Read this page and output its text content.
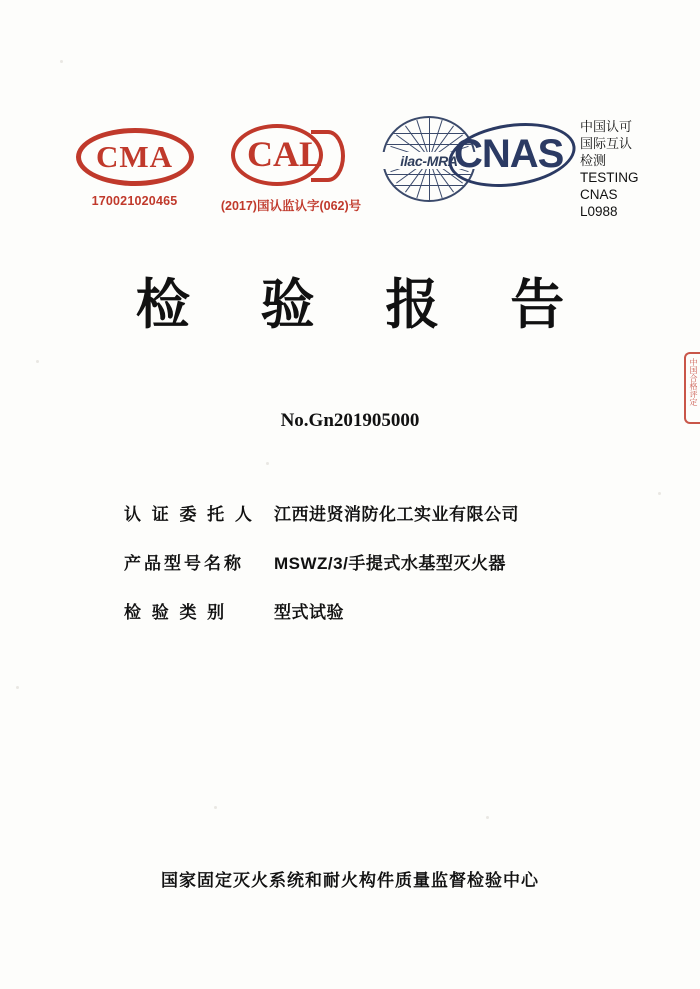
CMA
170021020465
CAL
(2017)国认监认字(062)号
ilac-MRA
CNAS
中国认可
国际互认
检测
TESTING
CNAS L0988
检 验 报 告
No.Gn201905000
认 证 委 托 人	江西进贤消防化工实业有限公司
产品型号名称	MSWZ/3/手提式水基型灭火器
检 验 类 别	型式试验
国家固定灭火系统和耐火构件质量监督检验中心
中国合格评定
